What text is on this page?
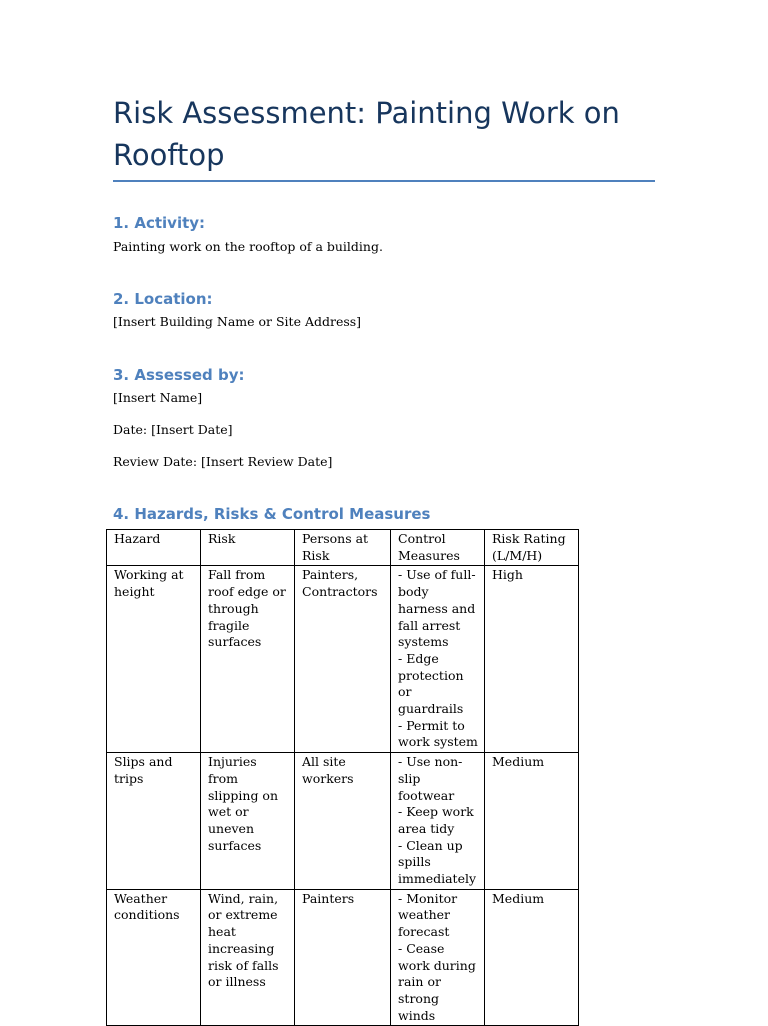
Risk Assessment: Painting Work on Rooftop
1. Activity:

Painting work on the rooftop of a building.

2. Location:

[Insert Building Name or Site Address]

3. Assessed by:

[Insert Name]

Date: [Insert Date]

Review Date: [Insert Review Date]

4. Hazards, Risks & Control Measures
Hazard	Risk	Persons at Risk	Control Measures	Risk Rating (L/M/H)
Working at height	Fall from roof edge or through fragile surfaces	Painters, Contractors	- Use of full-body harness and fall arrest systems
- Edge protection or guardrails
- Permit to work system	High
Slips and trips	Injuries from slipping on wet or uneven surfaces	All site workers	- Use non-slip footwear
- Keep work area tidy
- Clean up spills immediately	Medium
Weather conditions	Wind, rain, or extreme heat increasing risk of falls or illness	Painters	- Monitor weather forecast
- Cease work during rain or strong winds	Medium
